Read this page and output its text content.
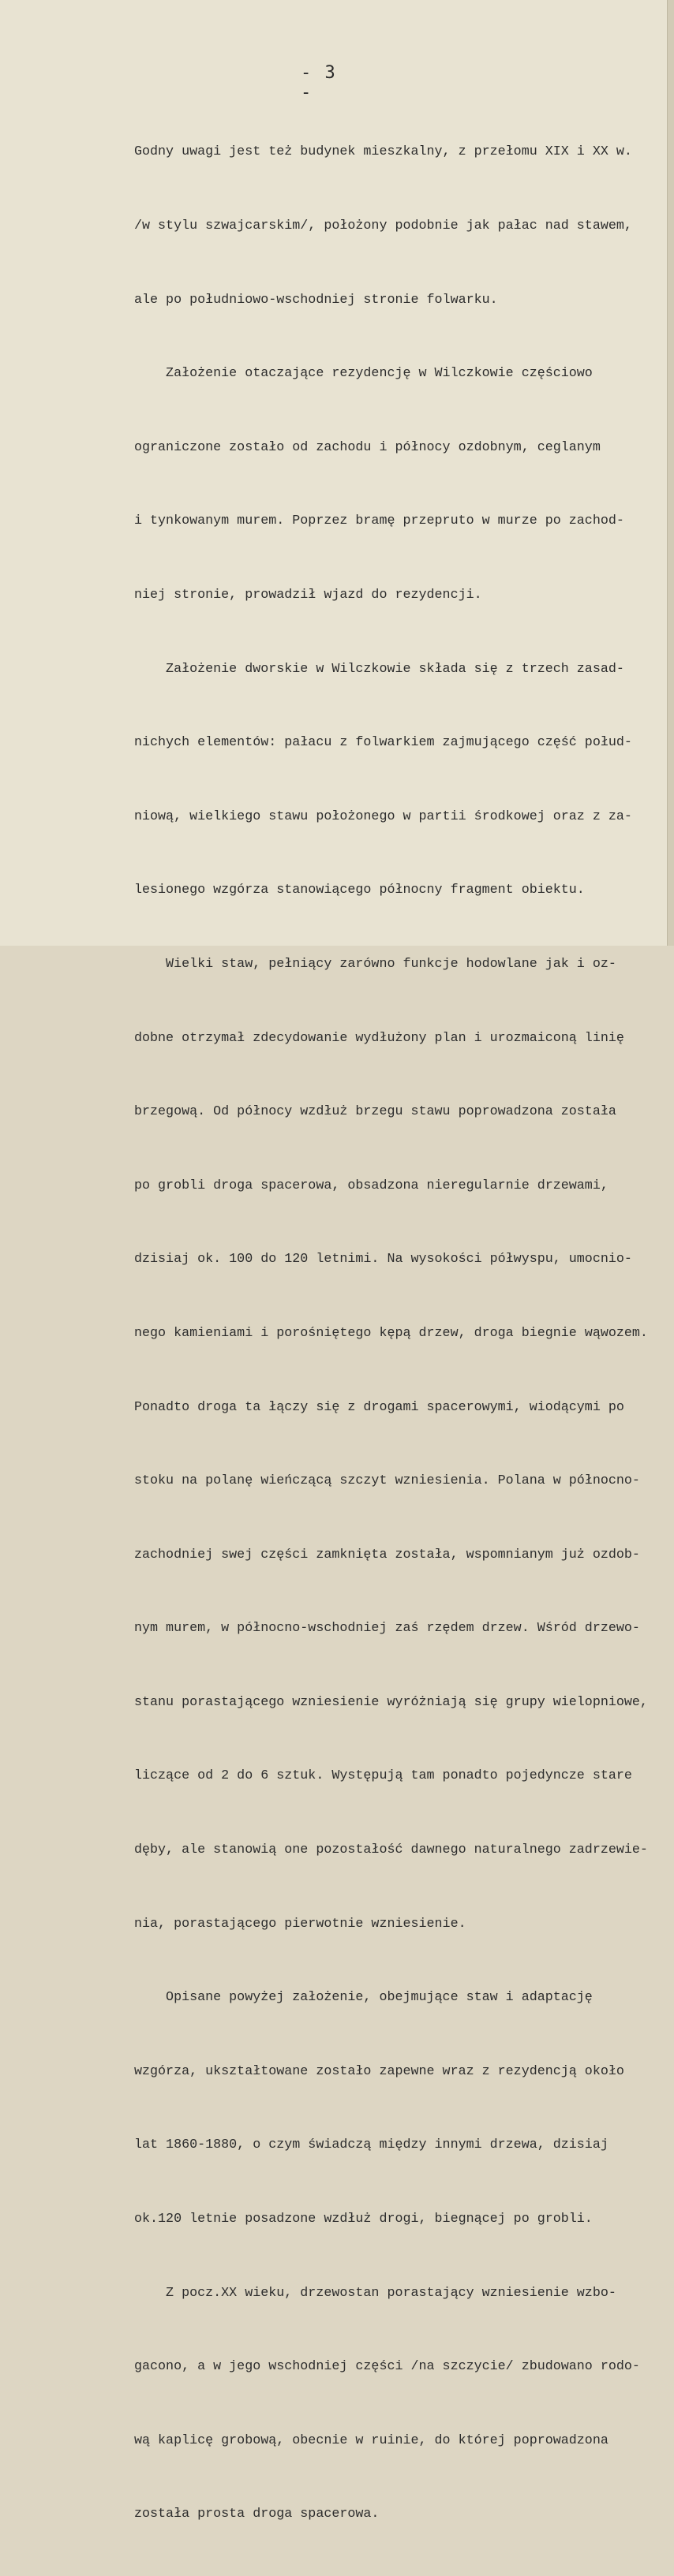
- 3 -

Godny uwagi jest też budynek mieszkalny, z przełomu XIX i XX w.

/w stylu szwajcarskim/, położony podobnie jak pałac nad stawem,

ale po południowo-wschodniej stronie folwarku.

Założenie otaczające rezydencję w Wilczkowie częściowo

ograniczone zostało od zachodu i północy ozdobnym, ceglanym

i tynkowanym murem. Poprzez bramę przepruto w murze po zachod-

niej stronie, prowadził wjazd do rezydencji.

Założenie dworskie w Wilczkowie składa się z trzech zasad-

nichych elementów: pałacu z folwarkiem zajmującego część połud-

niową, wielkiego stawu położonego w partii środkowej oraz z za-

lesionego wzgórza stanowiącego północny fragment obiektu.

Wielki staw, pełniący zarówno funkcje hodowlane jak i oz-

dobne otrzymał zdecydowanie wydłużony plan i urozmaiconą linię

brzegową. Od północy wzdłuż brzegu stawu poprowadzona została

po grobli droga spacerowa, obsadzona nieregularnie drzewami,

dzisiaj ok. 100 do 120 letnimi. Na wysokości półwyspu, umocnio-

nego kamieniami i porośniętego kępą drzew, droga biegnie wąwozem.

Ponadto droga ta łączy się z drogami spacerowymi, wiodącymi po

stoku na polanę wieńczącą szczyt wzniesienia. Polana w północno-

zachodniej swej części zamknięta została, wspomnianym już ozdob-

nym murem, w północno-wschodniej zaś rzędem drzew. Wśród drzewo-

stanu porastającego wzniesienie wyróżniają się grupy wielopniowe,

liczące od 2 do 6 sztuk. Występują tam ponadto pojedyncze stare

dęby, ale stanowią one pozostałość dawnego naturalnego zadrzewie-

nia, porastającego pierwotnie wzniesienie.

Opisane powyżej założenie, obejmujące staw i adaptację

wzgórza, ukształtowane zostało zapewne wraz z rezydencją około

lat 1860-1880, o czym świadczą między innymi drzewa, dzisiaj

ok.120 letnie posadzone wzdłuż drogi, biegnącej po grobli.

Z pocz.XX wieku, drzewostan porastający wzniesienie wzbo-

gacono, a w jego wschodniej części /na szczycie/ zbudowano rodo-

wą kaplicę grobową, obecnie w ruinie, do której poprowadzona

została prosta droga spacerowa.
